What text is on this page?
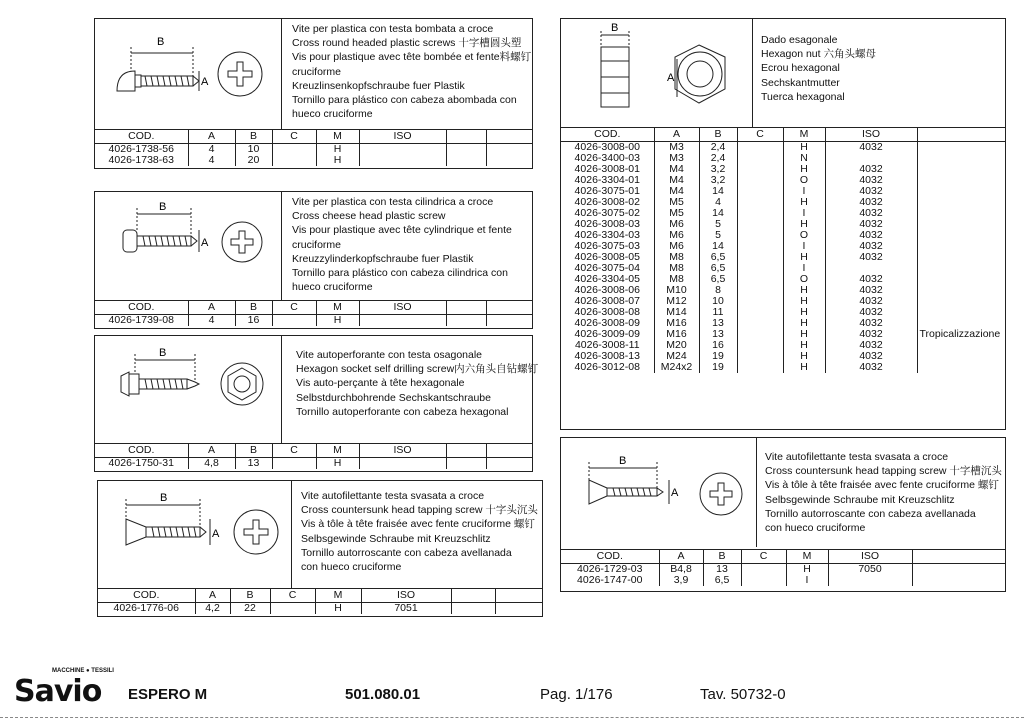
B
A
Vite per plastica con testa bombata a croce
Cross round headed plastic screws 十字槽圆头塑
Vis pour plastique avec tête bombée et fente料螺钉
cruciforme
Kreuzlinsenkopfschraube fuer Plastik
Tornillo para plástico con cabeza abombada con
hueco cruciforme
COD.	A	B	C	M	ISO		
4026-1738-56	4	10		H			
4026-1738-63	4	20		H			
B
A
Vite per plastica con testa cilindrica a croce
Cross cheese head plastic screw
Vis pour plastique avec tête cylindrique et fente
cruciforme
Kreuzzylinderkopfschraube fuer Plastik
Tornillo para plástico con cabeza cilindrica con
hueco cruciforme
COD.	A	B	C	M	ISO		
4026-1739-08	4	16		H			
B	Vite autoperforante con testa osagonale
Hexagon socket self drilling screw内六角头自钻螺钉
Vis auto-perçante à tête hexagonale
Selbstdurchbohrende Sechskantschraube
Tornillo autoperforante con cabeza hexagonal
COD.	A	B	C	M	ISO		
4026-1750-31	4,8	13		H			
B
A
Vite autofilettante testa svasata a croce
Cross countersunk head tapping screw 十字头沉头
Vis à tôle à tête fraisée avec fente cruciforme 螺钉
Selbsgewinde Schraube mit Kreuzschlitz
Tornillo autorroscante con cabeza avellanada
con hueco cruciforme
COD.	A	B	C	M	ISO		
4026-1776-06	4,2	22		H	7051		
B
A
Dado esagonale
Hexagon nut 六角头螺母
Ecrou hexagonal
Sechskantmutter
Tuerca hexagonal
COD.	A	B	C	M	ISO	
4026-3008-00	M3	2,4		H	4032	
4026-3400-03	M3	2,4		N		
4026-3008-01	M4	3,2		H	4032	
4026-3304-01	M4	3,2		O	4032	
4026-3075-01	M4	14		I	4032	
4026-3008-02	M5	4		H	4032	
4026-3075-02	M5	14		I	4032	
4026-3008-03	M6	5		H	4032	
4026-3304-03	M6	5		O	4032	
4026-3075-03	M6	14		I	4032	
4026-3008-05	M8	6,5		H	4032	
4026-3075-04	M8	6,5		I		
4026-3304-05	M8	6,5		O	4032	
4026-3008-06	M10	8		H	4032	
4026-3008-07	M12	10		H	4032	
4026-3008-08	M14	11		H	4032	
4026-3008-09	M16	13		H	4032	
4026-3009-09	M16	13		H	4032	Tropicalizzazione
4026-3008-11	M20	16		H	4032	
4026-3008-13	M24	19		H	4032	
4026-3012-08	M24x2	19		H	4032	
B
A
Vite autofilettante testa svasata a croce
Cross countersunk head tapping screw 十字槽沉头
Vis à tôle à tête fraisée avec fente cruciforme 螺钉
Selbsgewinde Schraube mit Kreuzschlitz
Tornillo autorroscante con cabeza avellanada
con hueco cruciforme
COD.	A	B	C	M	ISO	
4026-1729-03	B4,8	13		H	7050	
4026-1747-00	3,9	6,5		I		
MACCHINE ● TESSILI
Savio ESPERO M	501.080.01	Pag. 1/176	Tav. 50732-0
